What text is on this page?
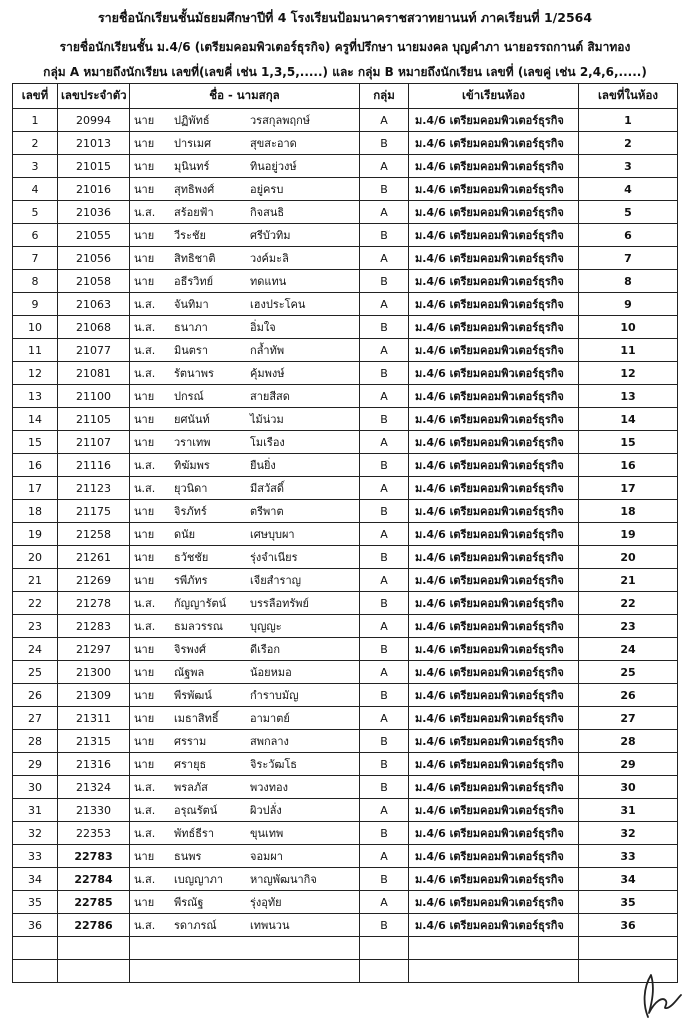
รายชื่อนักเรียนชั้นมัธยมศึกษาปีที่ 4 โรงเรียนป้อมนาคราชสวาทยานนท์ ภาคเรียนที่ 1/2564
รายชื่อนักเรียนชั้น ม.4/6 (เตรียมคอมพิวเตอร์ธุรกิจ) ครูที่ปรึกษา นายมงคล บุญคำภา นายอรรถกานต์ สิมาทอง
กลุ่ม A หมายถึงนักเรียน เลขที่(เลขคี่ เช่น 1,3,5,.....) และ กลุ่ม B หมายถึงนักเรียน เลขที่ (เลขคู่ เช่น 2,4,6,.....)
เลขที่	เลขประจำตัว	ชื่อ - นามสกุล	กลุ่ม	เข้าเรียนห้อง	เลขที่ในห้อง
1	20994	นาย ปฏิพัทธ์ วรสกุลพฤกษ์	A	ม.4/6 เตรียมคอมพิวเตอร์ธุรกิจ	1
2	21013	นาย ปารเมศ สุขสะอาด	B	ม.4/6 เตรียมคอมพิวเตอร์ธุรกิจ	2
3	21015	นาย มุนินทร์ ทินอยู่วงษ์	A	ม.4/6 เตรียมคอมพิวเตอร์ธุรกิจ	3
4	21016	นาย สุทธิพงศ์ อยู่ครบ	B	ม.4/6 เตรียมคอมพิวเตอร์ธุรกิจ	4
5	21036	น.ส. สร้อยฟ้า กิจสนธิ	A	ม.4/6 เตรียมคอมพิวเตอร์ธุรกิจ	5
6	21055	นาย วีระชัย ศรีบัวทิม	B	ม.4/6 เตรียมคอมพิวเตอร์ธุรกิจ	6
7	21056	นาย สิทธิชาติ วงค์มะลิ	A	ม.4/6 เตรียมคอมพิวเตอร์ธุรกิจ	7
8	21058	นาย อธีรวิทย์ ทดแทน	B	ม.4/6 เตรียมคอมพิวเตอร์ธุรกิจ	8
9	21063	น.ส. จันทิมา เฮงประโคน	A	ม.4/6 เตรียมคอมพิวเตอร์ธุรกิจ	9
10	21068	น.ส. ธนาภา อิ่มใจ	B	ม.4/6 เตรียมคอมพิวเตอร์ธุรกิจ	10
11	21077	น.ส. มินตรา กล้ำทัพ	A	ม.4/6 เตรียมคอมพิวเตอร์ธุรกิจ	11
12	21081	น.ส. รัตนาพร คุ้มพงษ์	B	ม.4/6 เตรียมคอมพิวเตอร์ธุรกิจ	12
13	21100	นาย ปกรณ์ สายสีสด	A	ม.4/6 เตรียมคอมพิวเตอร์ธุรกิจ	13
14	21105	นาย ยศนันท์ ไม้น่วม	B	ม.4/6 เตรียมคอมพิวเตอร์ธุรกิจ	14
15	21107	นาย วราเทพ โมเรือง	A	ม.4/6 เตรียมคอมพิวเตอร์ธุรกิจ	15
16	21116	น.ส. ทิฆัมพร ยืนยิ่ง	B	ม.4/6 เตรียมคอมพิวเตอร์ธุรกิจ	16
17	21123	น.ส. ยุวนิดา มีสวัสดิ์	A	ม.4/6 เตรียมคอมพิวเตอร์ธุรกิจ	17
18	21175	นาย จิรภัทร์ ตรีพาต	B	ม.4/6 เตรียมคอมพิวเตอร์ธุรกิจ	18
19	21258	นาย ดนัย เศษบุบผา	A	ม.4/6 เตรียมคอมพิวเตอร์ธุรกิจ	19
20	21261	นาย ธวัชชัย รุ่งจำเนียร	B	ม.4/6 เตรียมคอมพิวเตอร์ธุรกิจ	20
21	21269	นาย รพีภัทร เจียสำราญ	A	ม.4/6 เตรียมคอมพิวเตอร์ธุรกิจ	21
22	21278	น.ส. กัญญารัตน์ บรรลือทรัพย์	B	ม.4/6 เตรียมคอมพิวเตอร์ธุรกิจ	22
23	21283	น.ส. ธมลวรรณ บุญญะ	A	ม.4/6 เตรียมคอมพิวเตอร์ธุรกิจ	23
24	21297	นาย จิรพงศ์ ดีเรือก	B	ม.4/6 เตรียมคอมพิวเตอร์ธุรกิจ	24
25	21300	นาย ณัฐพล น้อยหมอ	A	ม.4/6 เตรียมคอมพิวเตอร์ธุรกิจ	25
26	21309	นาย พีรพัฒน์ กำราบมัญ	B	ม.4/6 เตรียมคอมพิวเตอร์ธุรกิจ	26
27	21311	นาย เมธาสิทธิ์ อามาตย์	A	ม.4/6 เตรียมคอมพิวเตอร์ธุรกิจ	27
28	21315	นาย ศรราม สพกลาง	B	ม.4/6 เตรียมคอมพิวเตอร์ธุรกิจ	28
29	21316	นาย ศรายุธ จิระวัฒโธ	B	ม.4/6 เตรียมคอมพิวเตอร์ธุรกิจ	29
30	21324	น.ส. พรลภัส พวงทอง	B	ม.4/6 เตรียมคอมพิวเตอร์ธุรกิจ	30
31	21330	น.ส. อรุณรัตน์ ผิวปลั่ง	A	ม.4/6 เตรียมคอมพิวเตอร์ธุรกิจ	31
32	22353	น.ส. พัทธ์ธีรา ขุนเทพ	B	ม.4/6 เตรียมคอมพิวเตอร์ธุรกิจ	32
33	22783	นาย ธนพร จอมผา	A	ม.4/6 เตรียมคอมพิวเตอร์ธุรกิจ	33
34	22784	น.ส. เบญญาภา หาญพัฒนากิจ	B	ม.4/6 เตรียมคอมพิวเตอร์ธุรกิจ	34
35	22785	นาย พีรณัฐ รุ่งอุทัย	A	ม.4/6 เตรียมคอมพิวเตอร์ธุรกิจ	35
36	22786	น.ส. รดาภรณ์ เทพนวน	B	ม.4/6 เตรียมคอมพิวเตอร์ธุรกิจ	36
